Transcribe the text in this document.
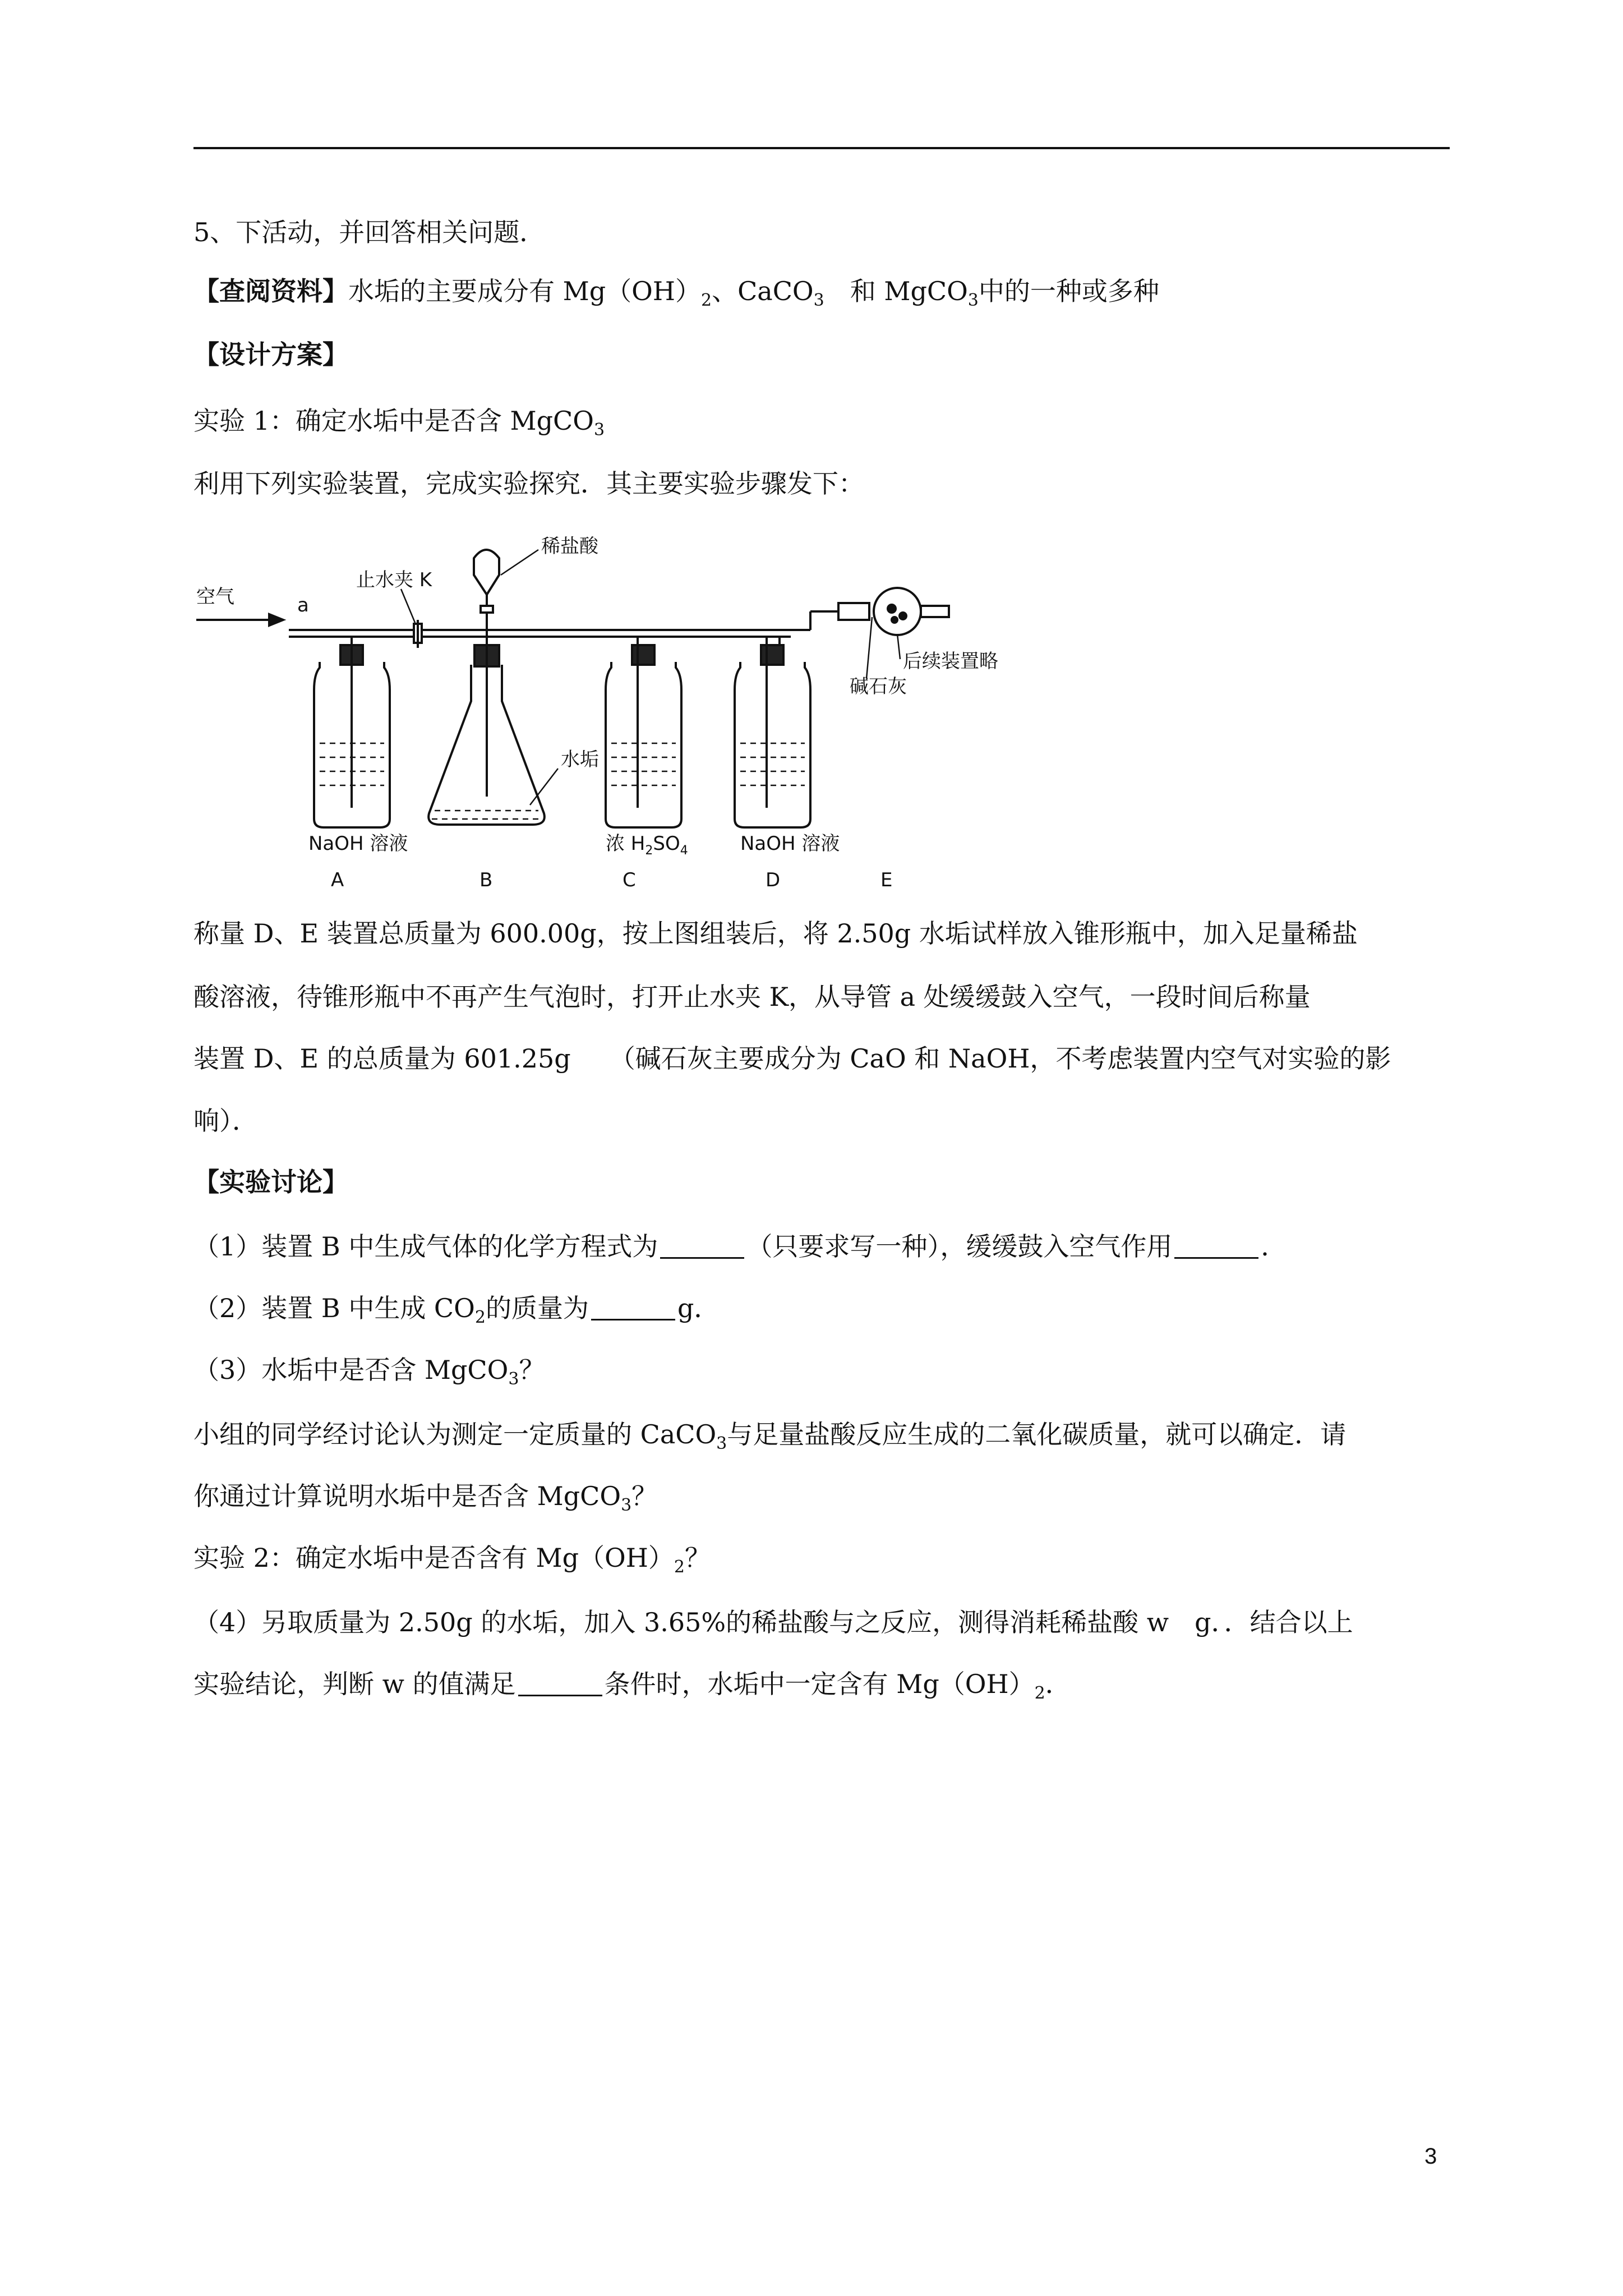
5、下活动，并回答相关问题．
【查阅资料】水垢的主要成分有 $Mg(OH)_2$、CaCO$_3$　和 MgCO$_3$中的一种或多种
【设计方案】
实验 1：确定水垢中是否含 MgCO$_3$
利用下列实验装置，完成实验探究．其主要实验步骤发下：
空气	a
止水夹 K
稀盐酸
水垢
碱石灰
后续装置略
NaOH 溶液	浓 $H_2SO_4$	NaOH 溶液
A	B	C	D	E
称量 D、E 装置总质量为 600.00g，按上图组装后，将 2.50g 水垢试样放入锥形瓶中，加入足量稀盐
酸溶液，待锥形瓶中不再产生气泡时，打开止水夹 K，从导管 a 处缓缓鼓入空气，一段时间后称量
装置 D、E 的总质量为 601.25g　　（碱石灰主要成分为 CaO 和 NaOH，不考虑装置内空气对实验的影
响）．
【实验讨论】
（1）装置 B 中生成气体的化学方程式为	（只要求写一种），缓缓鼓入空气作用	．
（2）装置 B 中生成 $CO_2$的质量为	g．
（3）水垢中是否含 MgCO$_3$？
小组的同学经讨论认为测定一定质量的 CaCO$_3$与足量盐酸反应生成的二氧化碳质量，就可以确定．请
你通过计算说明水垢中是否含 MgCO$_3$？
实验 2：确定水垢中是否含有 $Mg(OH)_2$？
（4）另取质量为 2.50g 的水垢，加入 3.65%的稀盐酸与之反应，测得消耗稀盐酸 w　g．．结合以上
实验结论，判断 w 的值满足	条件时，水垢中一定含有 $Mg(OH)_2$．
3
